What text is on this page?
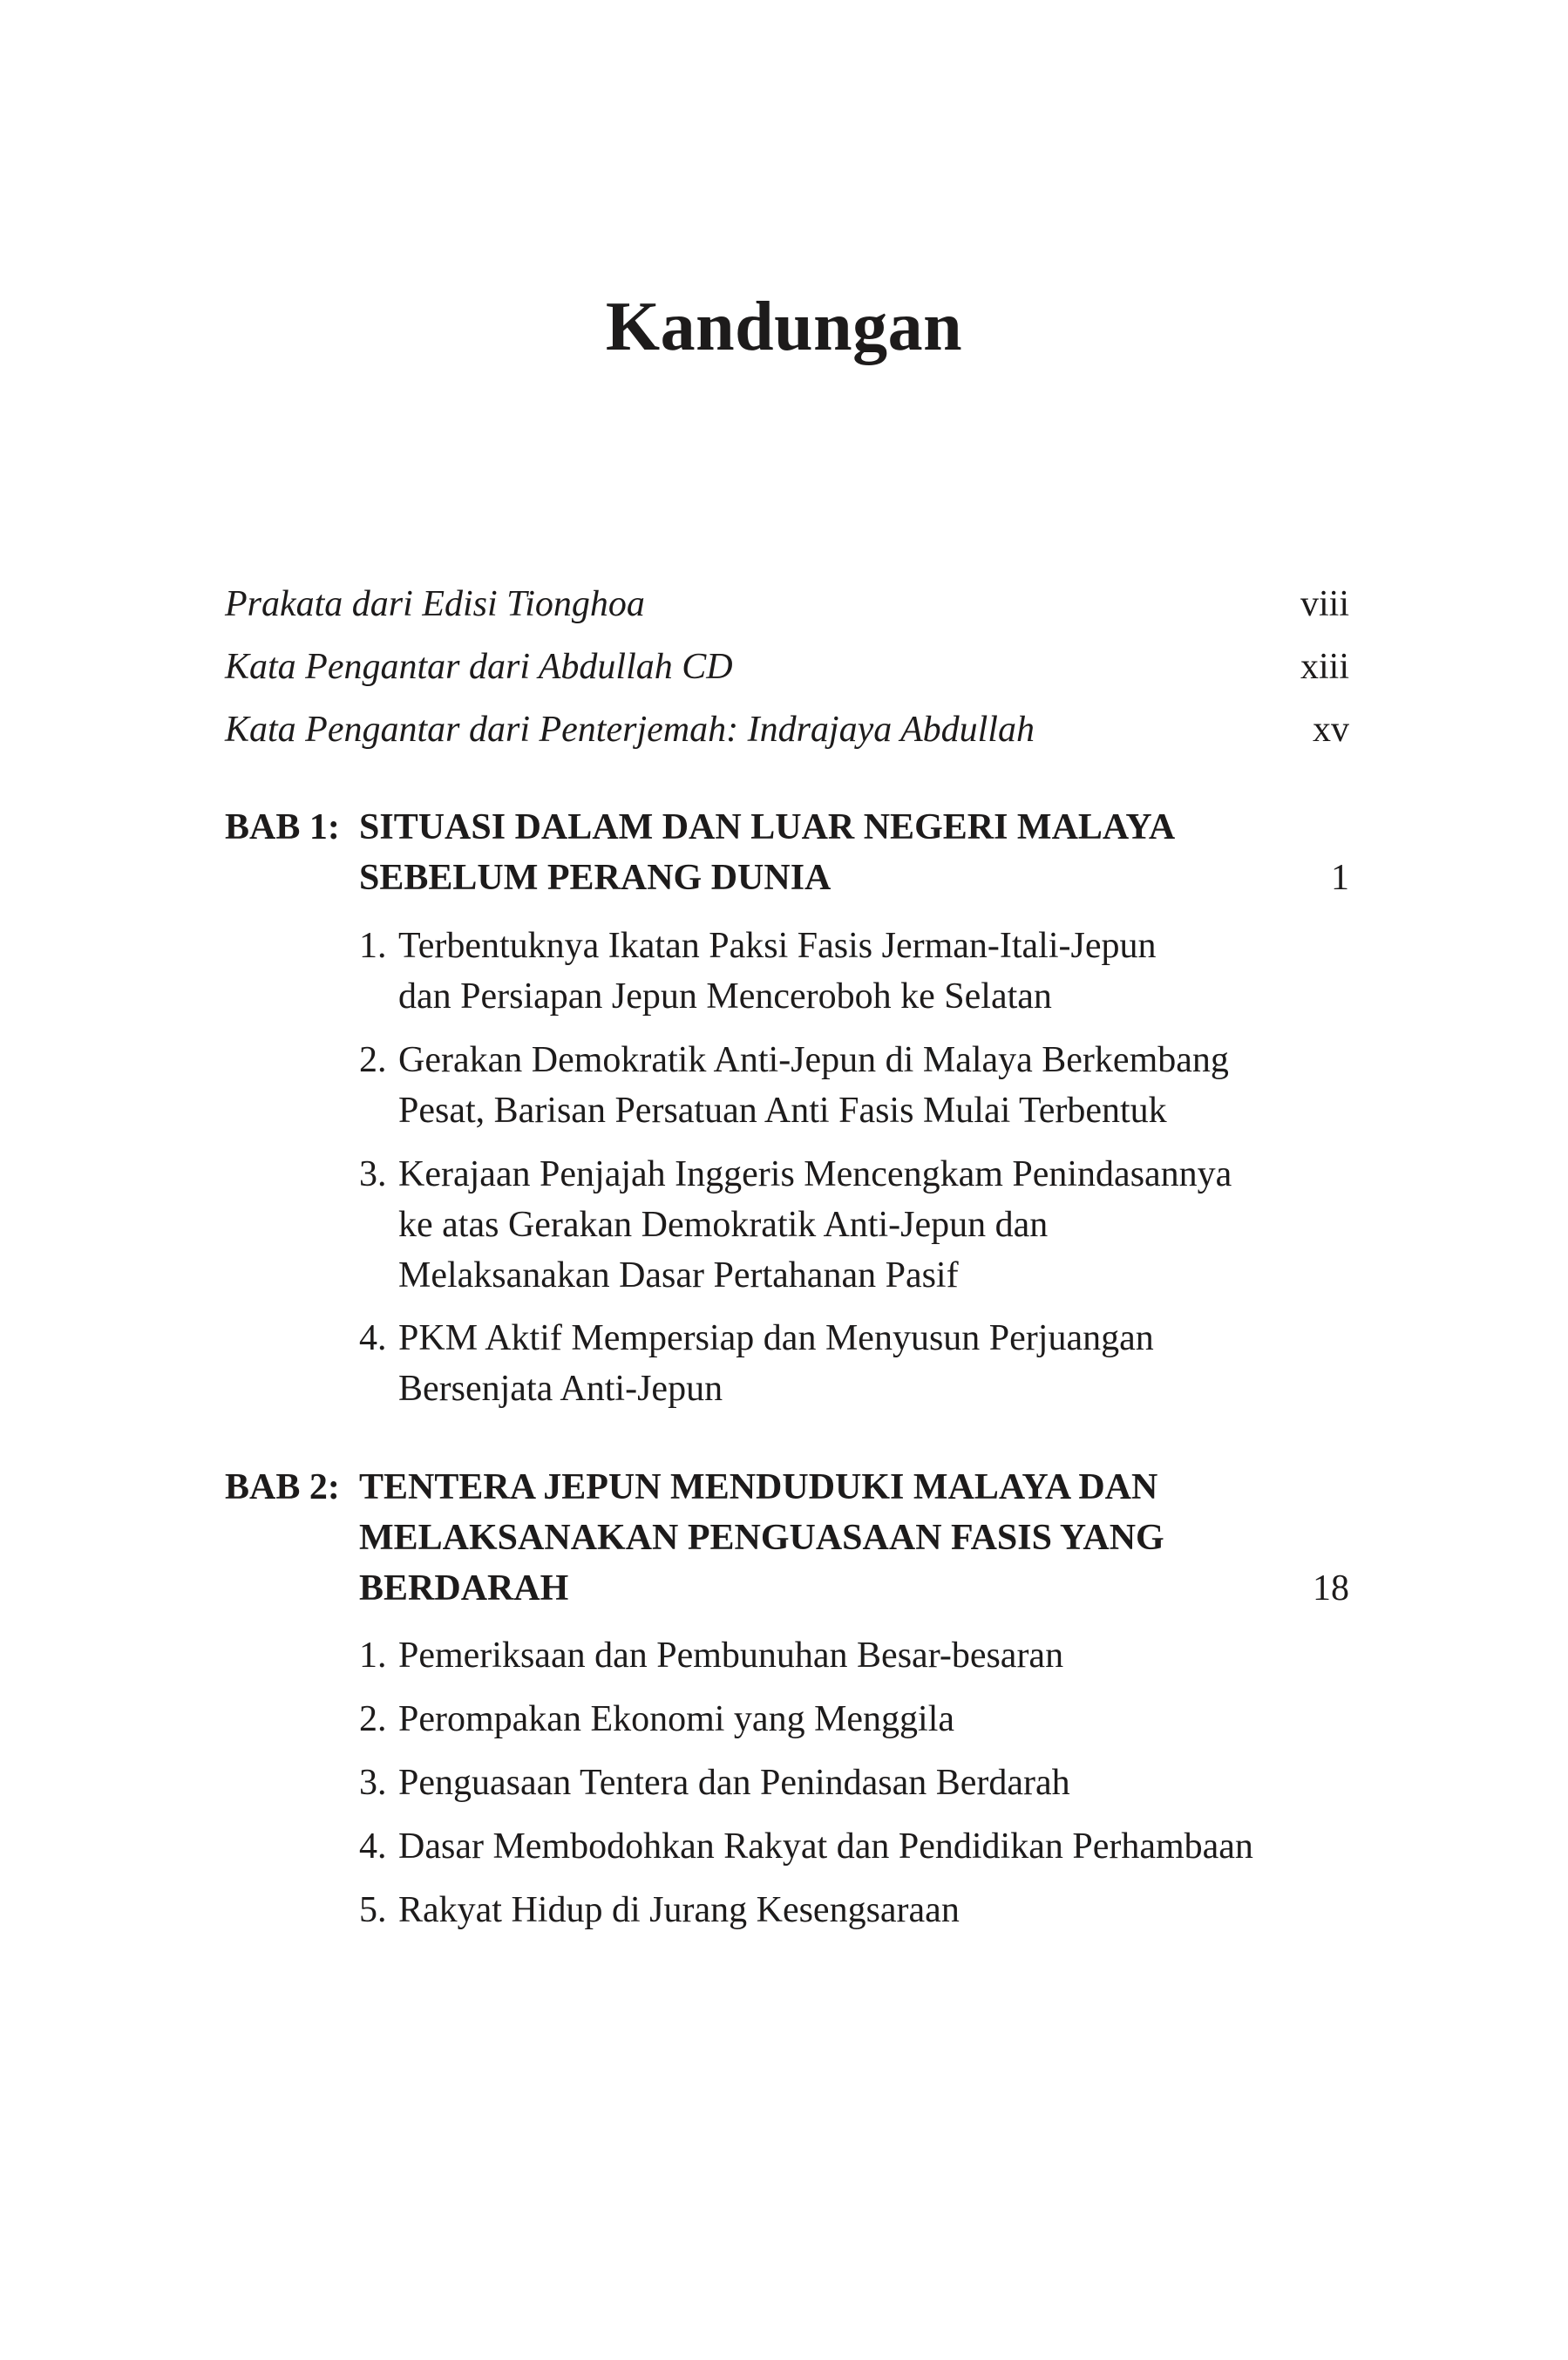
Kandungan
Prakata dari Edisi Tionghoa	viii
Kata Pengantar dari Abdullah CD	xiii
Kata Pengantar dari Penterjemah: Indrajaya Abdullah	xv
BAB 1: SITUASI DALAM DAN LUAR NEGERI MALAYA
SEBELUM PERANG DUNIA	1
1. Terbentuknya Ikatan Paksi Fasis Jerman-Itali-Jepun
dan Persiapan Jepun Menceroboh ke Selatan
2. Gerakan Demokratik Anti-Jepun di Malaya Berkembang
Pesat, Barisan Persatuan Anti Fasis Mulai Terbentuk
3. Kerajaan Penjajah Inggeris Mencengkam Penindasannya
ke atas Gerakan Demokratik Anti-Jepun dan
Melaksanakan Dasar Pertahanan Pasif
4. PKM Aktif Mempersiap dan Menyusun Perjuangan
Bersenjata Anti-Jepun
BAB 2: TENTERA JEPUN MENDUDUKI MALAYA DAN
MELAKSANAKAN PENGUASAAN FASIS YANG
BERDARAH	18
1. Pemeriksaan dan Pembunuhan Besar-besaran
2. Perompakan Ekonomi yang Menggila
3. Penguasaan Tentera dan Penindasan Berdarah
4. Dasar Membodohkan Rakyat dan Pendidikan Perhambaan
5. Rakyat Hidup di Jurang Kesengsaraan
